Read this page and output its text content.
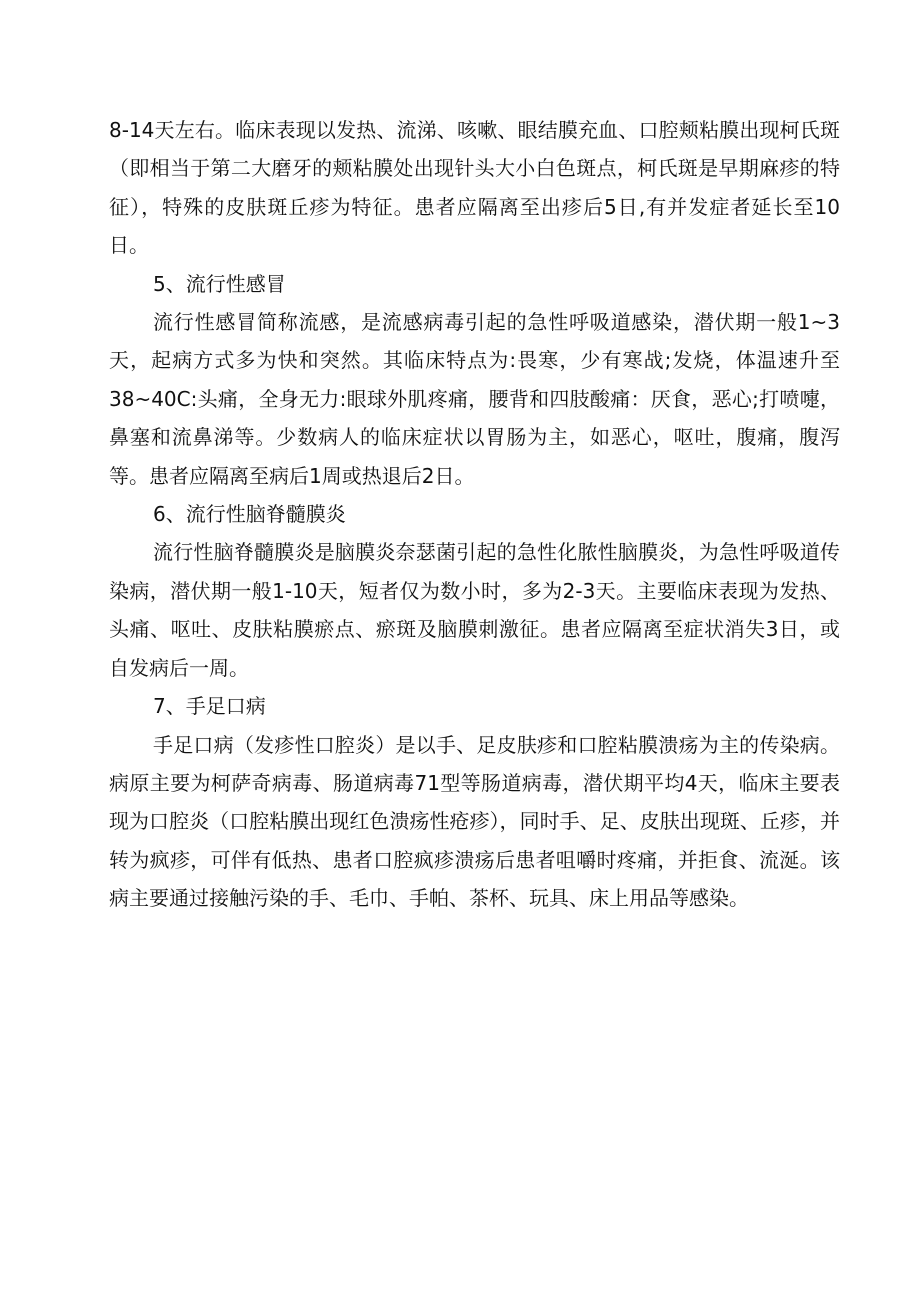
8-14天左右。临床表现以发热、流涕、咳嗽、眼结膜充血、口腔颊粘膜出现柯氏斑（即相当于第二大磨牙的颊粘膜处出现针头大小白色斑点，柯氏斑是早期麻疹的特征），特殊的皮肤斑丘疹为特征。患者应隔离至出疹后5日,有并发症者延长至10日。

5、流行性感冒

流行性感冒简称流感，是流感病毒引起的急性呼吸道感染，潜伏期一般1~3天，起病方式多为快和突然。其临床特点为:畏寒，少有寒战;发烧，体温速升至38~40C:头痛，全身无力:眼球外肌疼痛，腰背和四肢酸痛：厌食，恶心;打喷嚏，鼻塞和流鼻涕等。少数病人的临床症状以胃肠为主，如恶心，呕吐，腹痛，腹泻等。患者应隔离至病后1周或热退后2日。

6、流行性脑脊髓膜炎

流行性脑脊髓膜炎是脑膜炎奈瑟菌引起的急性化脓性脑膜炎，为急性呼吸道传染病，潜伏期一般1-10天，短者仅为数小时，多为2-3天。主要临床表现为发热、头痛、呕吐、皮肤粘膜瘀点、瘀斑及脑膜刺激征。患者应隔离至症状消失3日，或自发病后一周。

7、手足口病

手足口病（发疹性口腔炎）是以手、足皮肤疹和口腔粘膜溃疡为主的传染病。病原主要为柯萨奇病毒、肠道病毒71型等肠道病毒，潜伏期平均4天，临床主要表现为口腔炎（口腔粘膜出现红色溃疡性疮疹），同时手、足、皮肤出现斑、丘疹，并转为疯疹，可伴有低热、患者口腔疯疹溃疡后患者咀嚼时疼痛，并拒食、流涎。该病主要通过接触污染的手、毛巾、手帕、茶杯、玩具、床上用品等感染。
